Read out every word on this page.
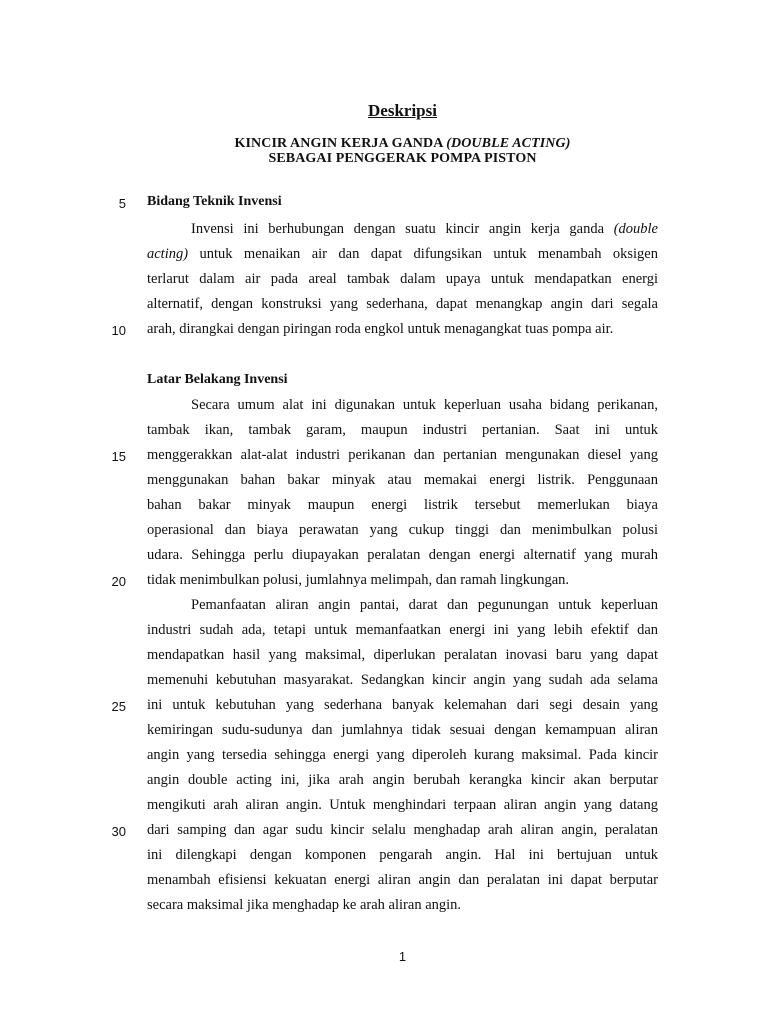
Deskripsi
KINCIR ANGIN KERJA GANDA (DOUBLE ACTING)
SEBAGAI PENGGERAK POMPA PISTON
Bidang Teknik Invensi
Invensi ini berhubungan dengan suatu kincir angin kerja ganda (double
acting) untuk menaikan air dan dapat difungsikan untuk menambah oksigen
terlarut dalam air pada areal tambak dalam upaya untuk mendapatkan energi
alternatif, dengan konstruksi yang sederhana, dapat menangkap angin dari segala
arah, dirangkai dengan piringan roda engkol untuk menagangkat tuas pompa air.
Latar Belakang Invensi
Secara umum alat ini digunakan untuk keperluan usaha bidang perikanan,
tambak ikan, tambak garam, maupun industri pertanian. Saat ini untuk
menggerakkan alat-alat industri perikanan dan pertanian mengunakan diesel yang
menggunakan bahan bakar minyak atau memakai energi listrik. Penggunaan
bahan bakar minyak maupun energi listrik tersebut memerlukan biaya
operasional dan biaya perawatan yang cukup tinggi dan menimbulkan polusi
udara. Sehingga perlu diupayakan peralatan dengan energi alternatif yang murah
tidak menimbulkan polusi, jumlahnya melimpah, dan ramah lingkungan.
Pemanfaatan aliran angin pantai, darat dan pegunungan untuk keperluan
industri sudah ada, tetapi untuk memanfaatkan energi ini yang lebih efektif dan
mendapatkan hasil yang maksimal, diperlukan peralatan inovasi baru yang dapat
memenuhi kebutuhan masyarakat. Sedangkan kincir angin yang sudah ada selama
ini untuk kebutuhan yang sederhana banyak kelemahan dari segi desain yang
kemiringan sudu-sudunya dan jumlahnya tidak sesuai dengan kemampuan aliran
angin yang tersedia sehingga energi yang diperoleh kurang maksimal. Pada kincir
angin double acting ini, jika arah angin berubah kerangka kincir akan berputar
mengikuti arah aliran angin. Untuk menghindari terpaan aliran angin yang datang
dari samping dan agar sudu kincir selalu menghadap arah aliran angin, peralatan
ini dilengkapi dengan komponen pengarah angin. Hal ini bertujuan untuk
menambah efisiensi kekuatan energi aliran angin dan peralatan ini dapat berputar
secara maksimal jika menghadap ke arah aliran angin.
5
10
15
20
25
30
1
